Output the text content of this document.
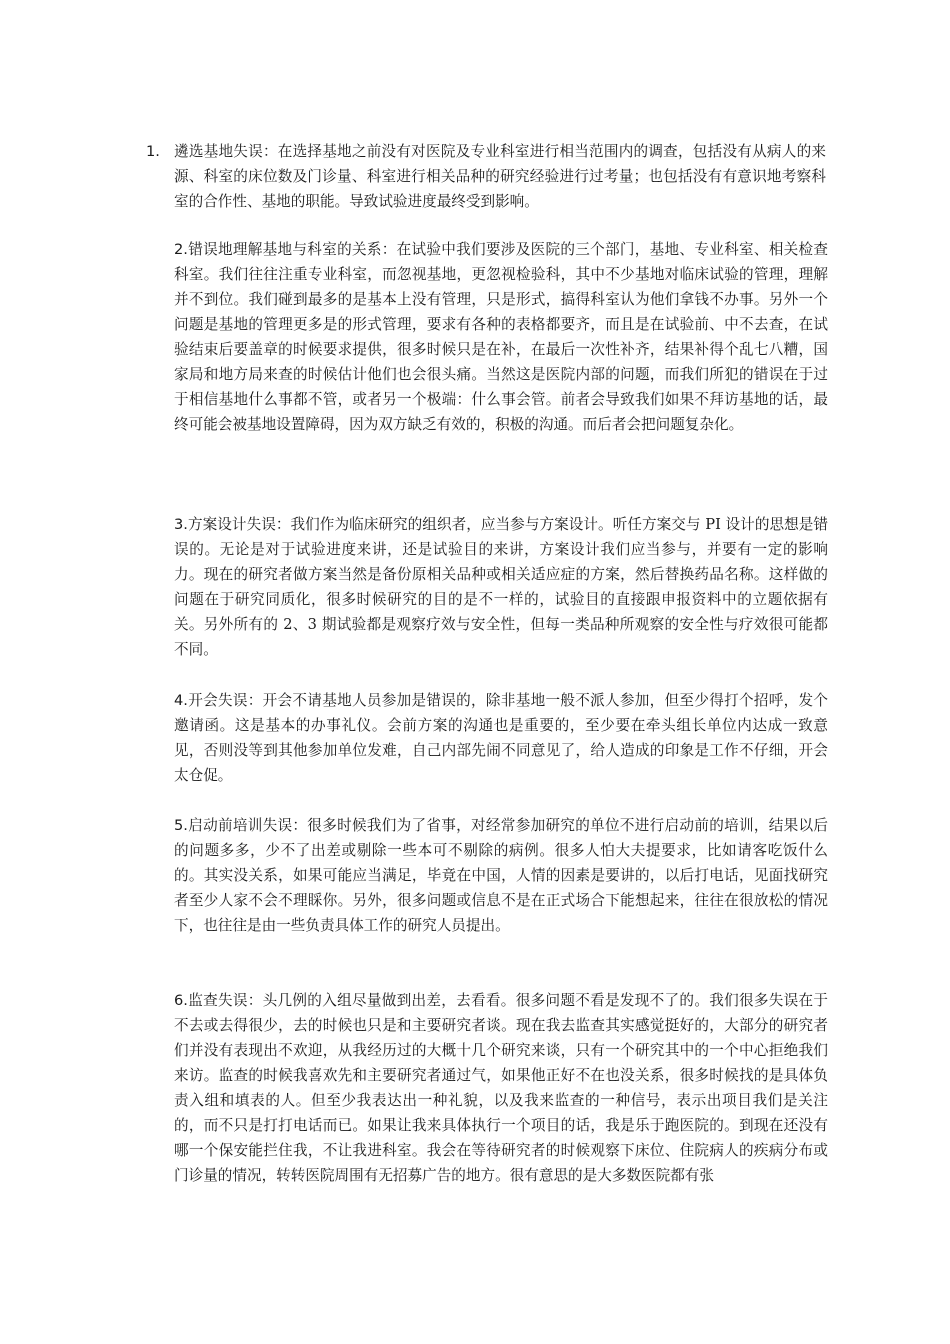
1. 遴选基地失误：在选择基地之前没有对医院及专业科室进行相当范围内的调查，包括没有从病人的来源、科室的床位数及门诊量、科室进行相关品种的研究经验进行过考量；也包括没有有意识地考察科室的合作性、基地的职能。导致试验进度最终受到影响。
2.错误地理解基地与科室的关系：在试验中我们要涉及医院的三个部门，基地、专业科室、相关检查科室。我们往往注重专业科室，而忽视基地，更忽视检验科，其中不少基地对临床试验的管理，理解并不到位。我们碰到最多的是基本上没有管理，只是形式，搞得科室认为他们拿钱不办事。另外一个问题是基地的管理更多是的形式管理，要求有各种的表格都要齐，而且是在试验前、中不去查，在试验结束后要盖章的时候要求提供，很多时候只是在补，在最后一次性补齐，结果补得个乱七八糟，国家局和地方局来查的时候估计他们也会很头痛。当然这是医院内部的问题，而我们所犯的错误在于过于相信基地什么事都不管，或者另一个极端：什么事会管。前者会导致我们如果不拜访基地的话，最终可能会被基地设置障碍，因为双方缺乏有效的，积极的沟通。而后者会把问题复杂化。
3.方案设计失误：我们作为临床研究的组织者，应当参与方案设计。听任方案交与 PI 设计的思想是错误的。无论是对于试验进度来讲，还是试验目的来讲，方案设计我们应当参与，并要有一定的影响力。现在的研究者做方案当然是备份原相关品种或相关适应症的方案，然后替换药品名称。这样做的问题在于研究同质化，很多时候研究的目的是不一样的，试验目的直接跟申报资料中的立题依据有关。另外所有的 2、3 期试验都是观察疗效与安全性，但每一类品种所观察的安全性与疗效很可能都不同。
4.开会失误：开会不请基地人员参加是错误的，除非基地一般不派人参加，但至少得打个招呼，发个邀请函。这是基本的办事礼仪。会前方案的沟通也是重要的，至少要在牵头组长单位内达成一致意见，否则没等到其他参加单位发难，自己内部先闹不同意见了，给人造成的印象是工作不仔细，开会太仓促。
5.启动前培训失误：很多时候我们为了省事，对经常参加研究的单位不进行启动前的培训，结果以后的问题多多，少不了出差或剔除一些本可不剔除的病例。很多人怕大夫提要求，比如请客吃饭什么的。其实没关系，如果可能应当满足，毕竟在中国，人情的因素是要讲的，以后打电话，见面找研究者至少人家不会不理睬你。另外，很多问题或信息不是在正式场合下能想起来，往往在很放松的情况下，也往往是由一些负责具体工作的研究人员提出。
6.监查失误：头几例的入组尽量做到出差，去看看。很多问题不看是发现不了的。我们很多失误在于不去或去得很少，去的时候也只是和主要研究者谈。现在我去监查其实感觉挺好的，大部分的研究者们并没有表现出不欢迎，从我经历过的大概十几个研究来谈，只有一个研究其中的一个中心拒绝我们来访。监查的时候我喜欢先和主要研究者通过气，如果他正好不在也没关系，很多时候找的是具体负责入组和填表的人。但至少我表达出一种礼貌，以及我来监查的一种信号，表示出项目我们是关注的，而不只是打打电话而已。如果让我来具体执行一个项目的话，我是乐于跑医院的。到现在还没有哪一个保安能拦住我，不让我进科室。我会在等待研究者的时候观察下床位、住院病人的疾病分布或门诊量的情况，转转医院周围有无招募广告的地方。很有意思的是大多数医院都有张
